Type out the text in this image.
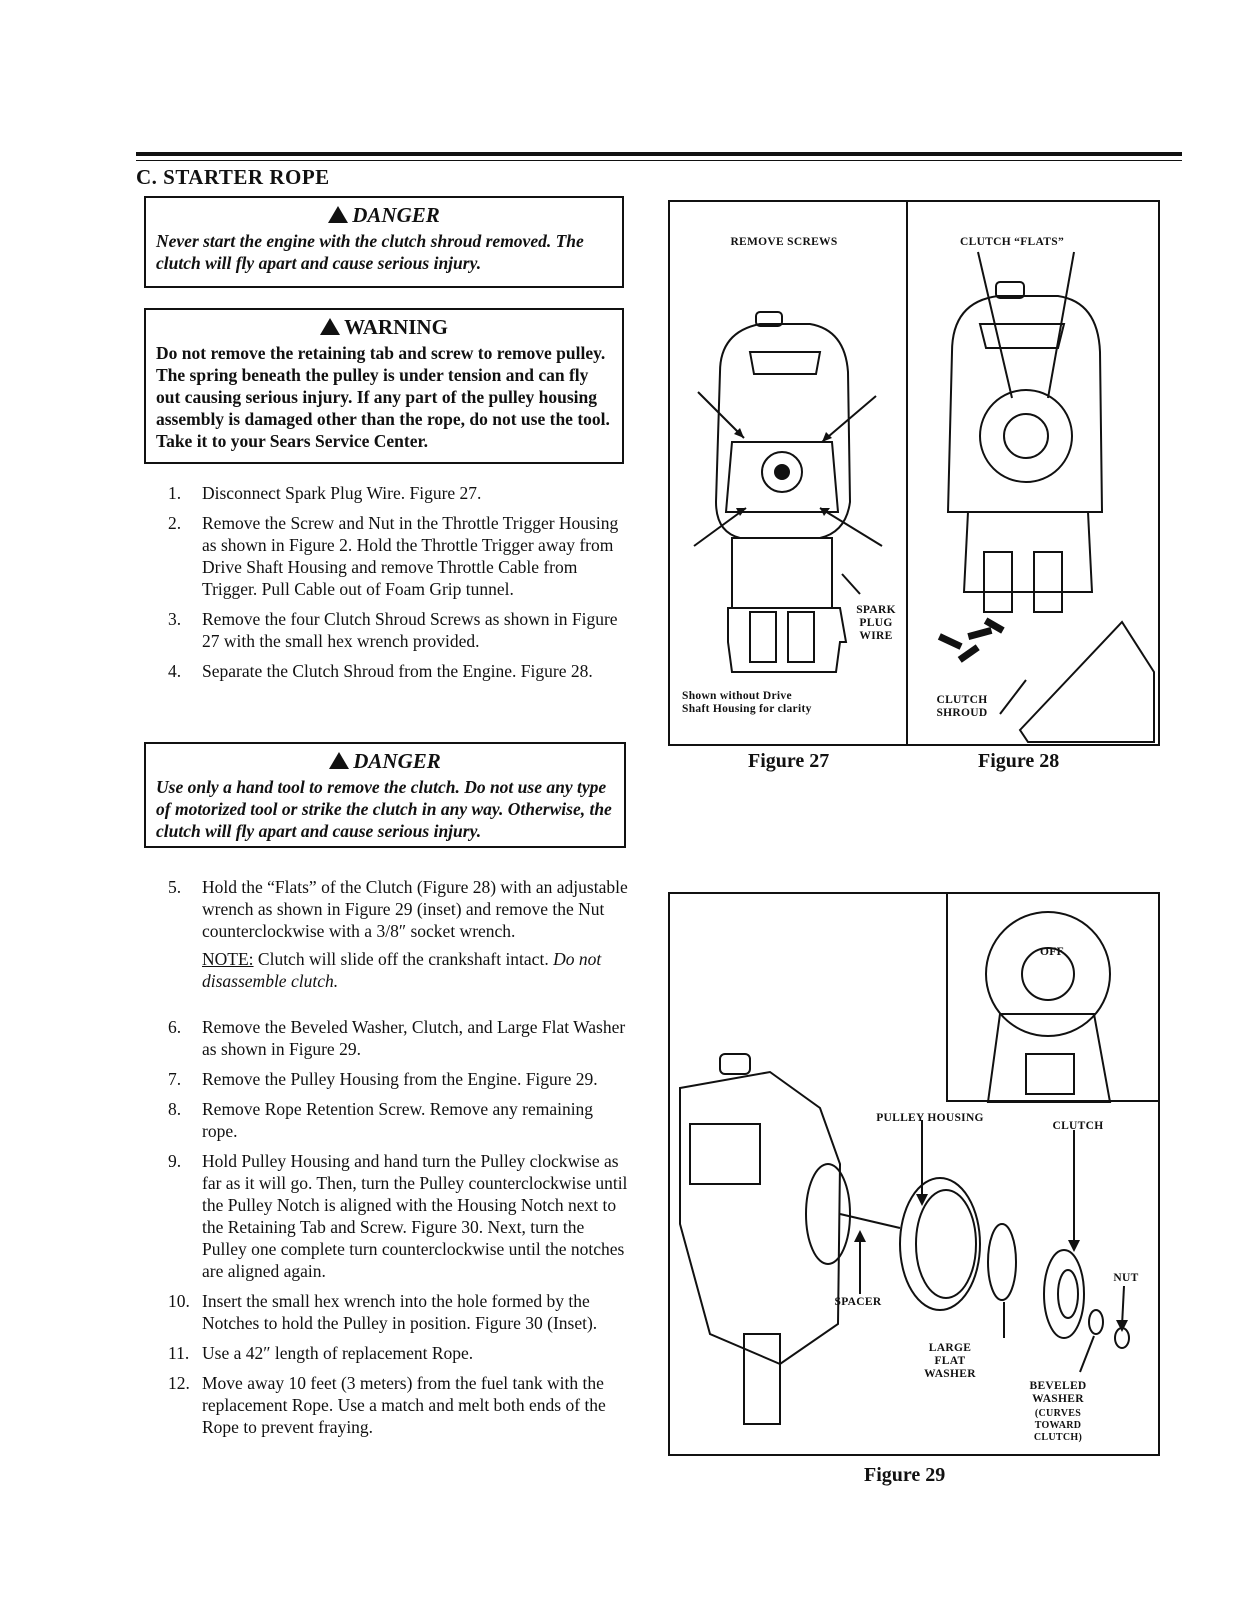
C. STARTER ROPE
DANGER
Never start the engine with the clutch shroud removed. The clutch will fly apart and cause serious injury.
WARNING
Do not remove the retaining tab and screw to remove pulley. The spring beneath the pulley is under tension and can fly out causing serious injury. If any part of the pulley housing assembly is damaged other than the rope, do not use the tool. Take it to your Sears Service Center.
1.	Disconnect Spark Plug Wire. Figure 27.
2.	Remove the Screw and Nut in the Throttle Trigger Housing as shown in Figure 2. Hold the Throttle Trigger away from Drive Shaft Housing and remove Throttle Cable from Trigger. Pull Cable out of Foam Grip tunnel.
3.	Remove the four Clutch Shroud Screws as shown in Figure 27 with the small hex wrench provided.
4.	Separate the Clutch Shroud from the Engine. Figure 28.
DANGER
Use only a hand tool to remove the clutch. Do not use any type of motorized tool or strike the clutch in any way. Otherwise, the clutch will fly apart and cause serious injury.
5.	Hold the “Flats” of the Clutch (Figure 28) with an adjustable wrench as shown in Figure 29 (inset) and remove the Nut counterclockwise with a 3/8″ socket wrench.
NOTE: Clutch will slide off the crankshaft intact. Do not disassemble clutch.
6.	Remove the Beveled Washer, Clutch, and Large Flat Washer as shown in Figure 29.
7.	Remove the Pulley Housing from the Engine. Figure 29.
8.	Remove Rope Retention Screw. Remove any remaining rope.
9.	Hold Pulley Housing and hand turn the Pulley clockwise as far as it will go. Then, turn the Pulley counterclockwise until the Pulley Notch is aligned with the Housing Notch next to the Retaining Tab and Screw. Figure 30. Next, turn the Pulley one complete turn counterclockwise until the notches are aligned again.
10. Insert the small hex wrench into the hole formed by the Notches to hold the Pulley in position. Figure 30 (Inset).
11. Use a 42″ length of replacement Rope.
12. Move away 10 feet (3 meters) from the fuel tank with the replacement Rope. Use a match and melt both ends of the Rope to prevent fraying.
REMOVE SCREWS
SPARK PLUG WIRE
Shown without Drive Shaft Housing for clarity
Figure 27
CLUTCH “FLATS”
CLUTCH SHROUD
Figure 28
OFF
PULLEY HOUSING
CLUTCH
NUT
SPACER
LARGE FLAT WASHER
BEVELED WASHER
(CURVES TOWARD CLUTCH)
Figure 29
